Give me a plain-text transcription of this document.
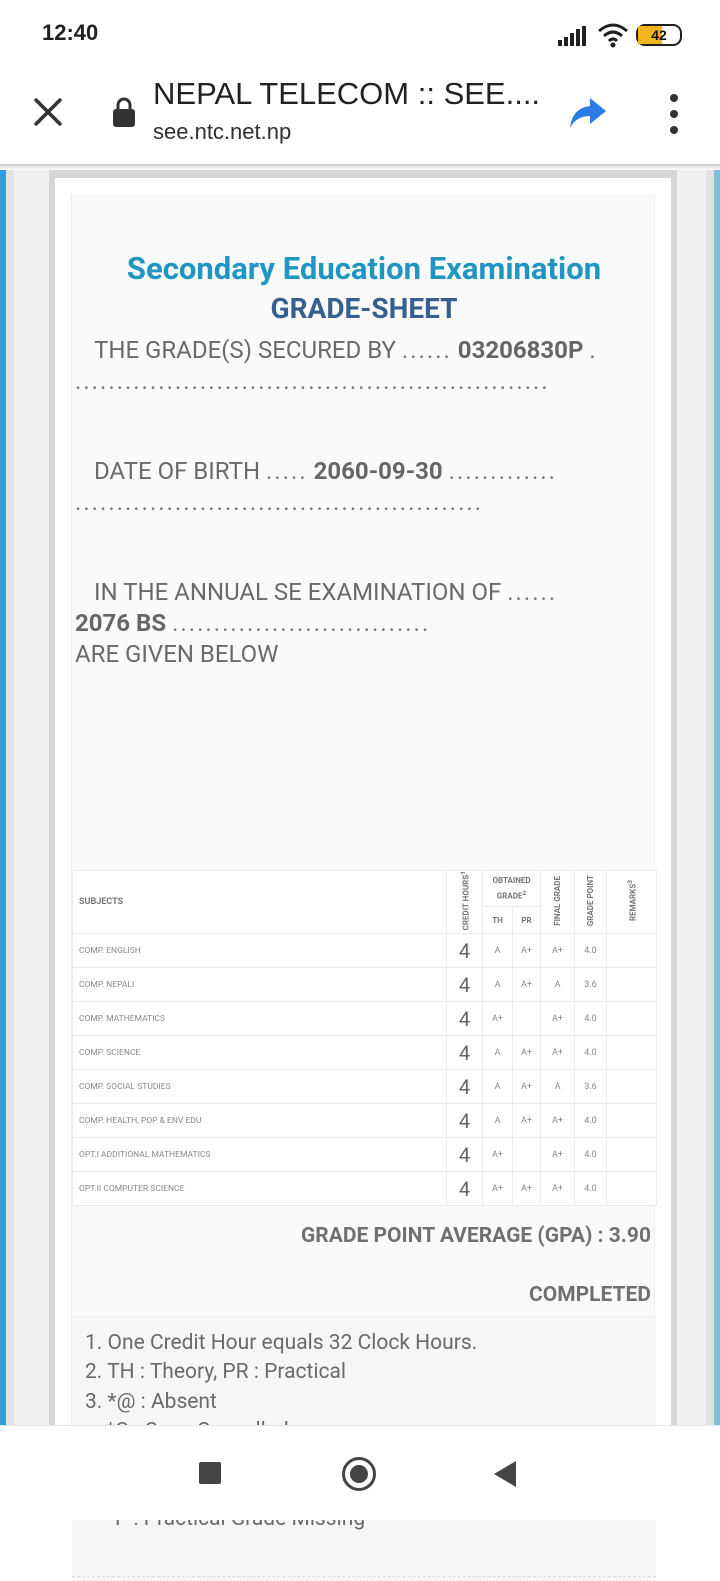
12:40	42
NEPAL TELECOM :: SEE....
see.ntc.net.np
Secondary Education Examination
GRADE-SHEET
THE GRADE(S) SECURED BY ...... 03206830P .
.........................................................
DATE OF BIRTH ..... 2060-09-30 .............
.................................................
IN THE ANNUAL SE EXAMINATION OF ......
2076 BS ...............................
ARE GIVEN BELOW
SUBJECTS	CREDIT HOURS$^1$	OBTAINED GRADE$^2$		FINAL GRADE	GRADE POINT	REMARKS$^3$
		TH	PR			
COMP. ENGLISH	4	A	A+	A+	4.0	
COMP. NEPALI	4	A	A+	A	3.6	
COMP. MATHEMATICS	4	A+		A+	4.0	
COMP. SCIENCE	4	A	A+	A+	4.0	
COMP. SOCIAL STUDIES	4	A	A+	A	3.6	
COMP. HEALTH, POP & ENV EDU	4	A	A+	A+	4.0	
OPT.I ADDITIONAL MATHEMATICS	4	A+		A+	4.0	
OPT.II COMPUTER SCIENCE	4	A+	A+	A+	4.0	
GRADE POINT AVERAGE (GPA) : 3.90
COMPLETED
1. One Credit Hour equals 32 Clock Hours.
2. TH : Theory, PR : Practical
3. *@ : Absent
